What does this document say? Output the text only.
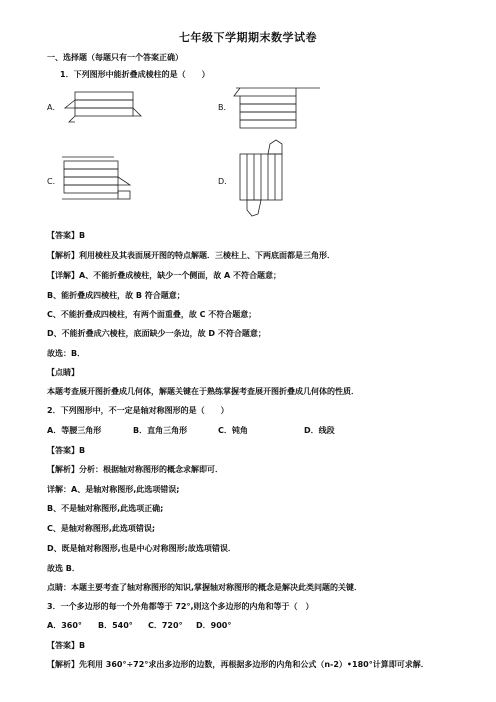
七年级下学期期末数学试卷
一、选择题（每题只有一个答案正确）
1．下列图形中能折叠成棱柱的是（　　）
A．	B．
C．	D．
【答案】B
【解析】利用棱柱及其表面展开图的特点解题．三棱柱上、下两底面都是三角形．
【详解】A、不能折叠成棱柱，缺少一个侧面，故 A 不符合题意；
B、能折叠成四棱柱，故 B 符合题意；
C、不能折叠成四棱柱，有两个面重叠，故 C 不符合题意；
D、不能折叠成六棱柱，底面缺少一条边，故 D 不符合题意；
故选：B．
【点睛】
本题考查展开图折叠成几何体，解题关键在于熟练掌握考查展开图折叠成几何体的性质．
2．下列图形中，不一定是轴对称图形的是（　　）
A．等腰三角形	B．直角三角形	C．钝角	D．线段
【答案】B
【解析】分析：根据轴对称图形的概念求解即可．
详解：A、是轴对称图形,此选项错误;
B、不是轴对称图形,此选项正确;
C、是轴对称图形,此选项错误;
D、既是轴对称图形,也是中心对称图形;故选项错误．
故选 B．
点睛：本题主要考查了轴对称图形的知识,掌握轴对称图形的概念是解决此类问题的关键．
3．一个多边形的每一个外角都等于 72°,则这个多边形的内角和等于（　）
A．360° B．540° C．720° D．900°
【答案】B
【解析】先利用 360°÷72°求出多边形的边数，再根据多边形的内角和公式（n-2）•180°计算即可求解．
